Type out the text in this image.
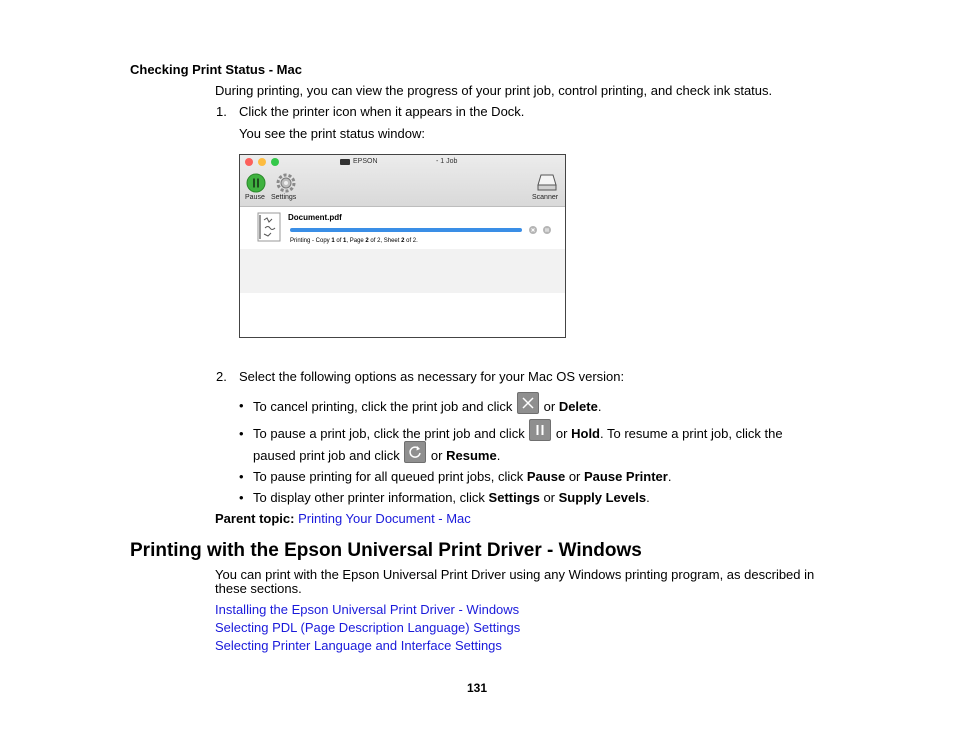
Checking Print Status - Mac
During printing, you can view the progress of your print job, control printing, and check ink status.
1. Click the printer icon when it appears in the Dock.
You see the print status window:
EPSON	- 1 Job
Pause Settings	Scanner
Document.pdf
Printing - Copy 1 of 1, Page 2 of 2, Sheet 2 of 2.
2. Select the following options as necessary for your Mac OS version:
• To cancel printing, click the print job and click
or Delete.
• To pause a print job, click the print job and click
or Hold. To resume a print job, click the
paused print job and click
or Resume.
• To pause printing for all queued print jobs, click Pause or Pause Printer.
• To display other printer information, click Settings or Supply Levels.
Parent topic: Printing Your Document - Mac
Printing with the Epson Universal Print Driver - Windows
You can print with the Epson Universal Print Driver using any Windows printing program, as described in
these sections.
Installing the Epson Universal Print Driver - Windows
Selecting PDL (Page Description Language) Settings
Selecting Printer Language and Interface Settings
131
